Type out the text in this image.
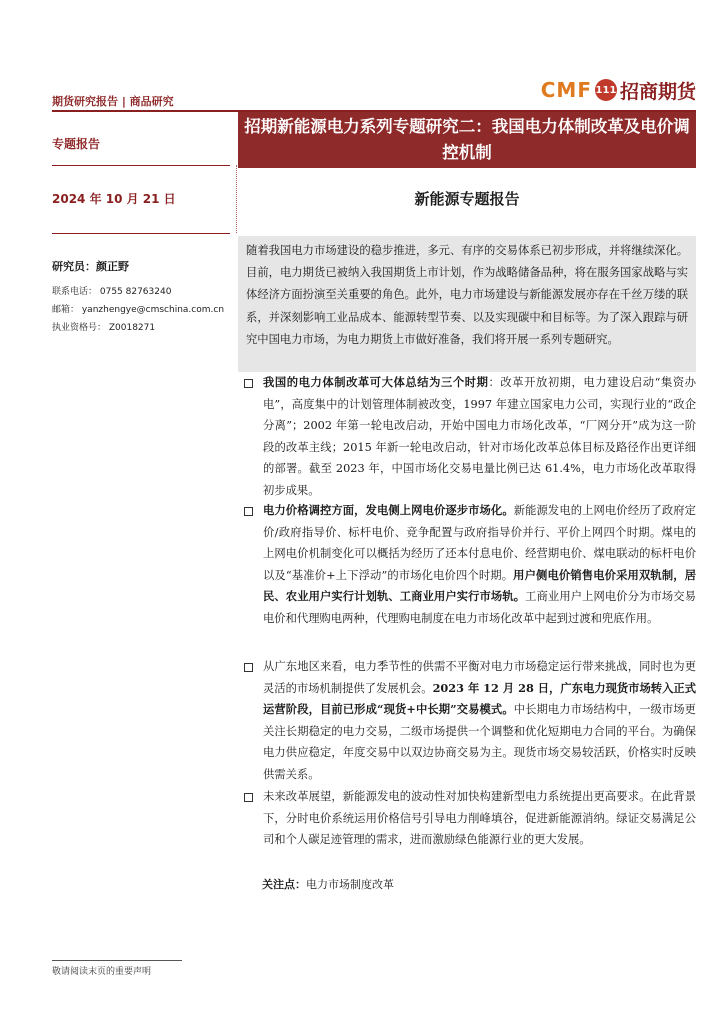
期货研究报告 | 商品研究	CMF 111 招商期货
专题报告
2024 年 10 月 21 日
研究员：颜正野
联系电话： 0755 82763240
邮箱： yanzhengye@cmschina.com.cn
执业资格号： Z0018271
招期新能源电力系列专题研究二：我国电力体制改革及电价调控机制
新能源专题报告
随着我国电力市场建设的稳步推进，多元、有序的交易体系已初步形成，并将继续深化。目前，电力期货已被纳入我国期货上市计划，作为战略储备品种，将在服务国家战略与实体经济方面扮演至关重要的角色。此外，电力市场建设与新能源发展亦存在千丝万缕的联系，并深刻影响工业品成本、能源转型节奏、以及实现碳中和目标等。为了深入跟踪与研究中国电力市场，为电力期货上市做好准备，我们将开展一系列专题研究。
我国的电力体制改革可大体总结为三个时期：改革开放初期，电力建设启动“集资办电”，高度集中的计划管理体制被改变，1997 年建立国家电力公司，实现行业的“政企分离”；2002 年第一轮电改启动，开始中国电力市场化改革，“厂网分开”成为这一阶段的改革主线；2015 年新一轮电改启动，针对市场化改革总体目标及路径作出更详细的部署。截至 2023 年，中国市场化交易电量比例已达 61.4%，电力市场化改革取得初步成果。
电力价格调控方面，发电侧上网电价逐步市场化。新能源发电的上网电价经历了政府定价/政府指导价、标杆电价、竞争配置与政府指导价并行、平价上网四个时期。煤电的上网电价机制变化可以概括为经历了还本付息电价、经营期电价、煤电联动的标杆电价以及“基准价+上下浮动”的市场化电价四个时期。用户侧电价销售电价采用双轨制，居民、农业用户实行计划轨、工商业用户实行市场轨。工商业用户上网电价分为市场交易电价和代理购电两种，代理购电制度在电力市场化改革中起到过渡和兜底作用。
从广东地区来看，电力季节性的供需不平衡对电力市场稳定运行带来挑战，同时也为更灵活的市场机制提供了发展机会。2023 年 12 月 28 日，广东电力现货市场转入正式运营阶段，目前已形成“现货+中长期”交易模式。中长期电力市场结构中，一级市场更关注长期稳定的电力交易，二级市场提供一个调整和优化短期电力合同的平台。为确保电力供应稳定，年度交易中以双边协商交易为主。现货市场交易较活跃，价格实时反映供需关系。
未来改革展望，新能源发电的波动性对加快构建新型电力系统提出更高要求。在此背景下，分时电价系统运用价格信号引导电力削峰填谷，促进新能源消纳。绿证交易满足公司和个人碳足迹管理的需求，进而激励绿色能源行业的更大发展。
关注点：电力市场制度改革
敬请阅读末页的重要声明
